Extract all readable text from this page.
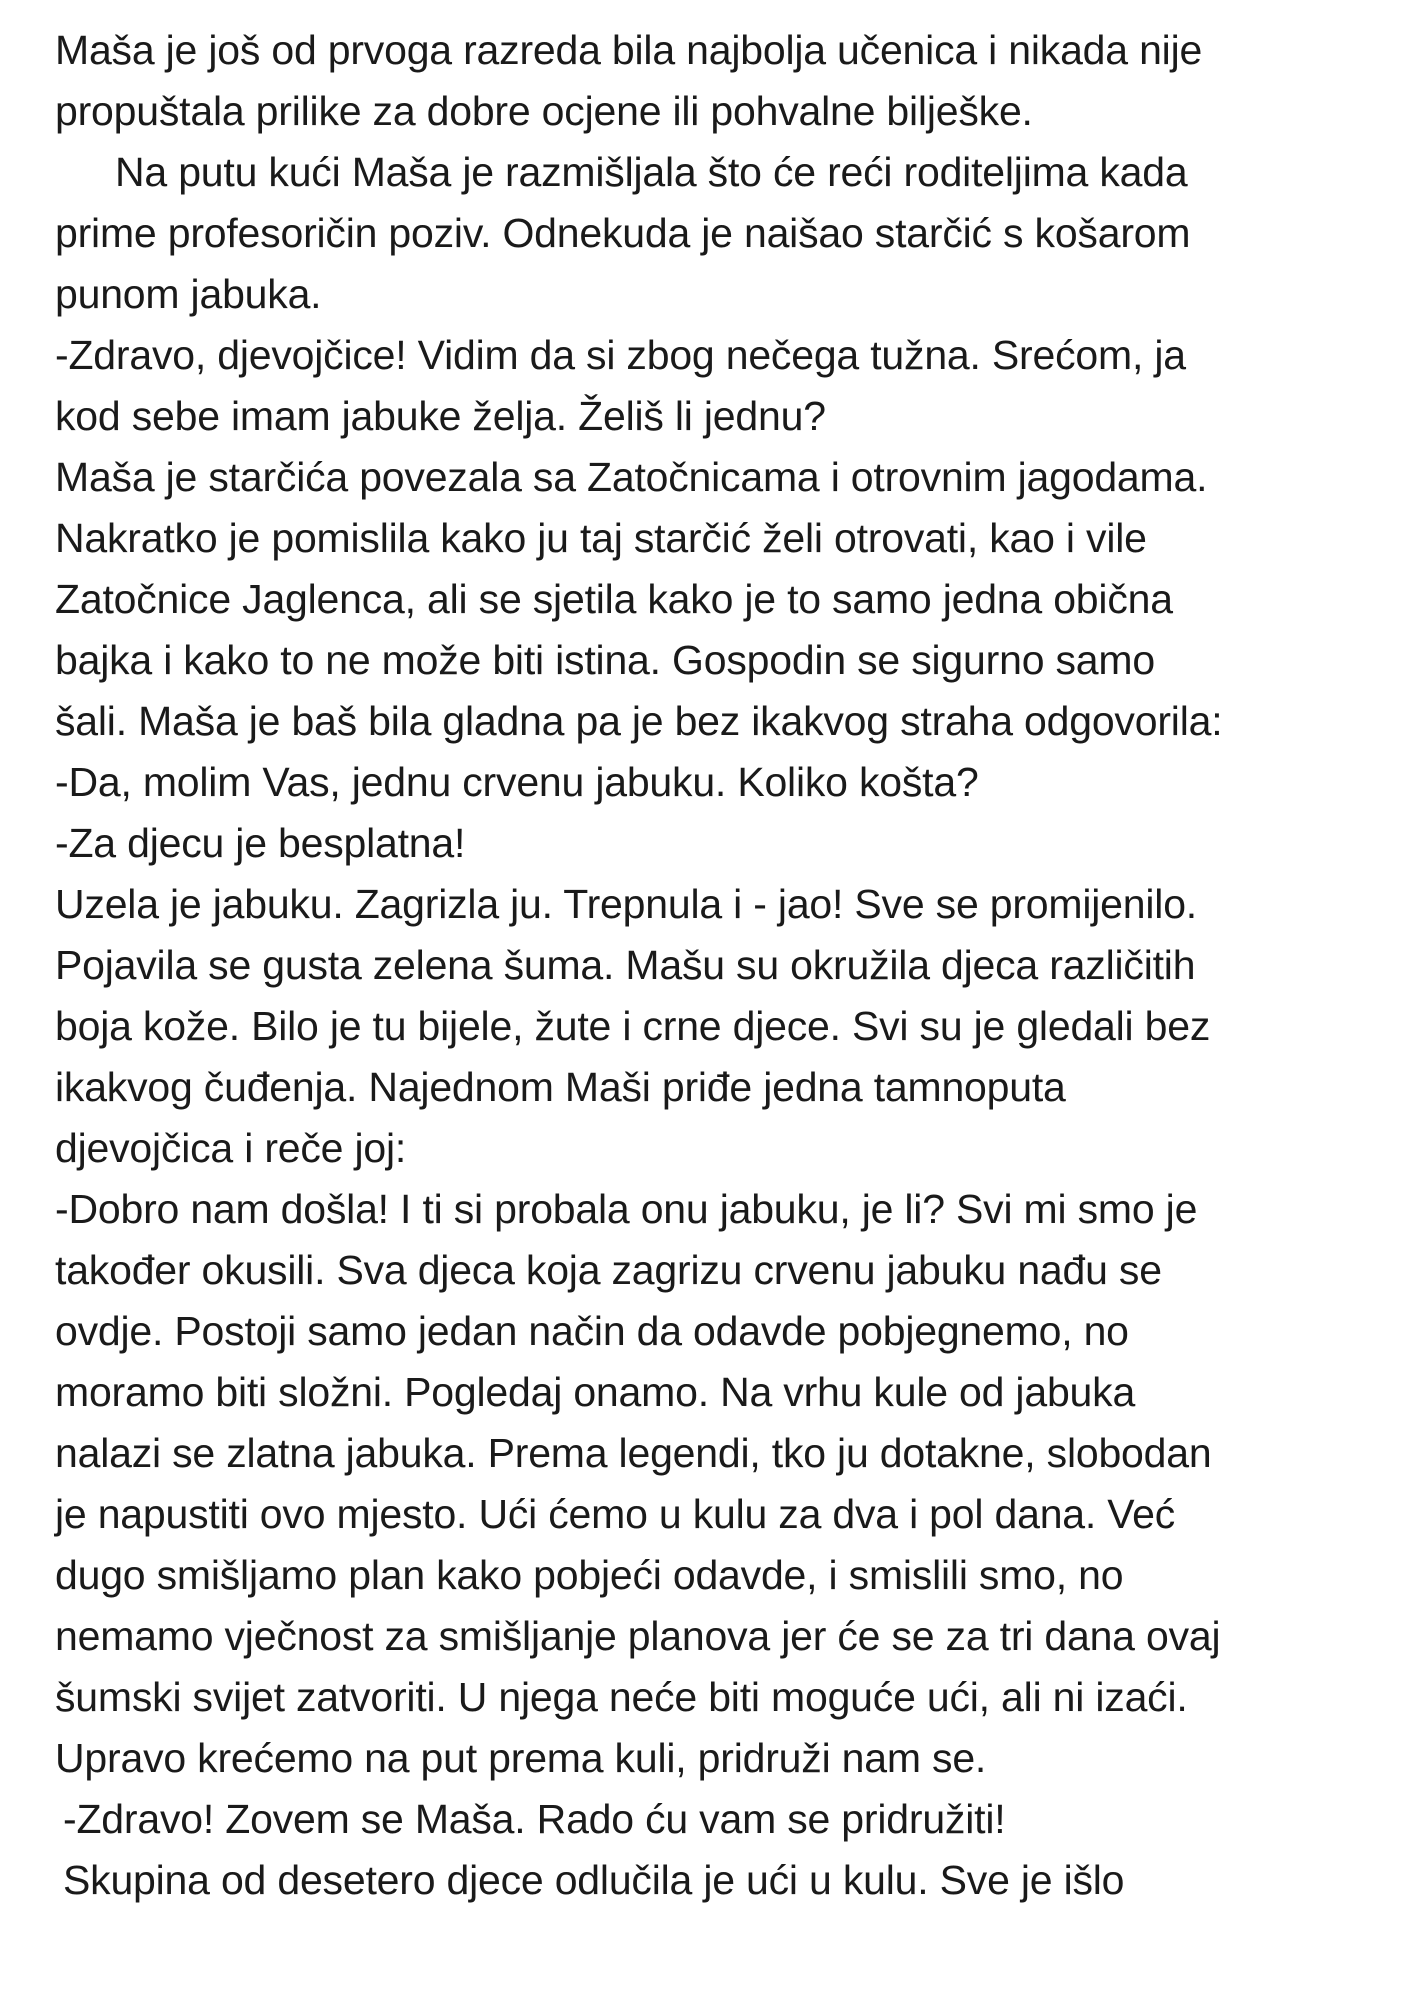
Maša je još od prvoga razreda bila najbolja učenica i nikada nije
propuštala prilike za dobre ocjene ili pohvalne bilješke.
Na putu kući Maša je razmišljala što će reći roditeljima kada
prime profesoričin poziv. Odnekuda je naišao starčić s košarom
punom jabuka.
-Zdravo, djevojčice! Vidim da si zbog nečega tužna. Srećom, ja
kod sebe imam jabuke želja. Želiš li jednu?
Maša je starčića povezala sa Zatočnicama i otrovnim jagodama.
Nakratko je pomislila kako ju taj starčić želi otrovati, kao i vile
Zatočnice Jaglenca, ali se sjetila kako je to samo jedna obična
bajka i kako to ne može biti istina. Gospodin se sigurno samo
šali. Maša je baš bila gladna pa je bez ikakvog straha odgovorila:
-Da, molim Vas, jednu crvenu jabuku. Koliko košta?
-Za djecu je besplatna!
Uzela je jabuku. Zagrizla ju. Trepnula i - jao! Sve se promijenilo.
Pojavila se gusta zelena šuma. Mašu su okružila djeca različitih
boja kože. Bilo je tu bijele, žute i crne djece. Svi su je gledali bez
ikakvog čuđenja. Najednom Maši priđe jedna tamnoputa
djevojčica i reče joj:
-Dobro nam došla! I ti si probala onu jabuku, je li? Svi mi smo je
također okusili. Sva djeca koja zagrizu crvenu jabuku nađu se
ovdje. Postoji samo jedan način da odavde pobjegnemo, no
moramo biti složni. Pogledaj onamo. Na vrhu kule od jabuka
nalazi se zlatna jabuka. Prema legendi, tko ju dotakne, slobodan
je napustiti ovo mjesto. Ući ćemo u kulu za dva i pol dana. Već
dugo smišljamo plan kako pobjeći odavde, i smislili smo, no
nemamo vječnost za smišljanje planova jer će se za tri dana ovaj
šumski svijet zatvoriti. U njega neće biti moguće ući, ali ni izaći.
Upravo krećemo na put prema kuli, pridruži nam se.
-Zdravo! Zovem se Maša. Rado ću vam se pridružiti!
Skupina od desetero djece odlučila je ući u kulu. Sve je išlo
